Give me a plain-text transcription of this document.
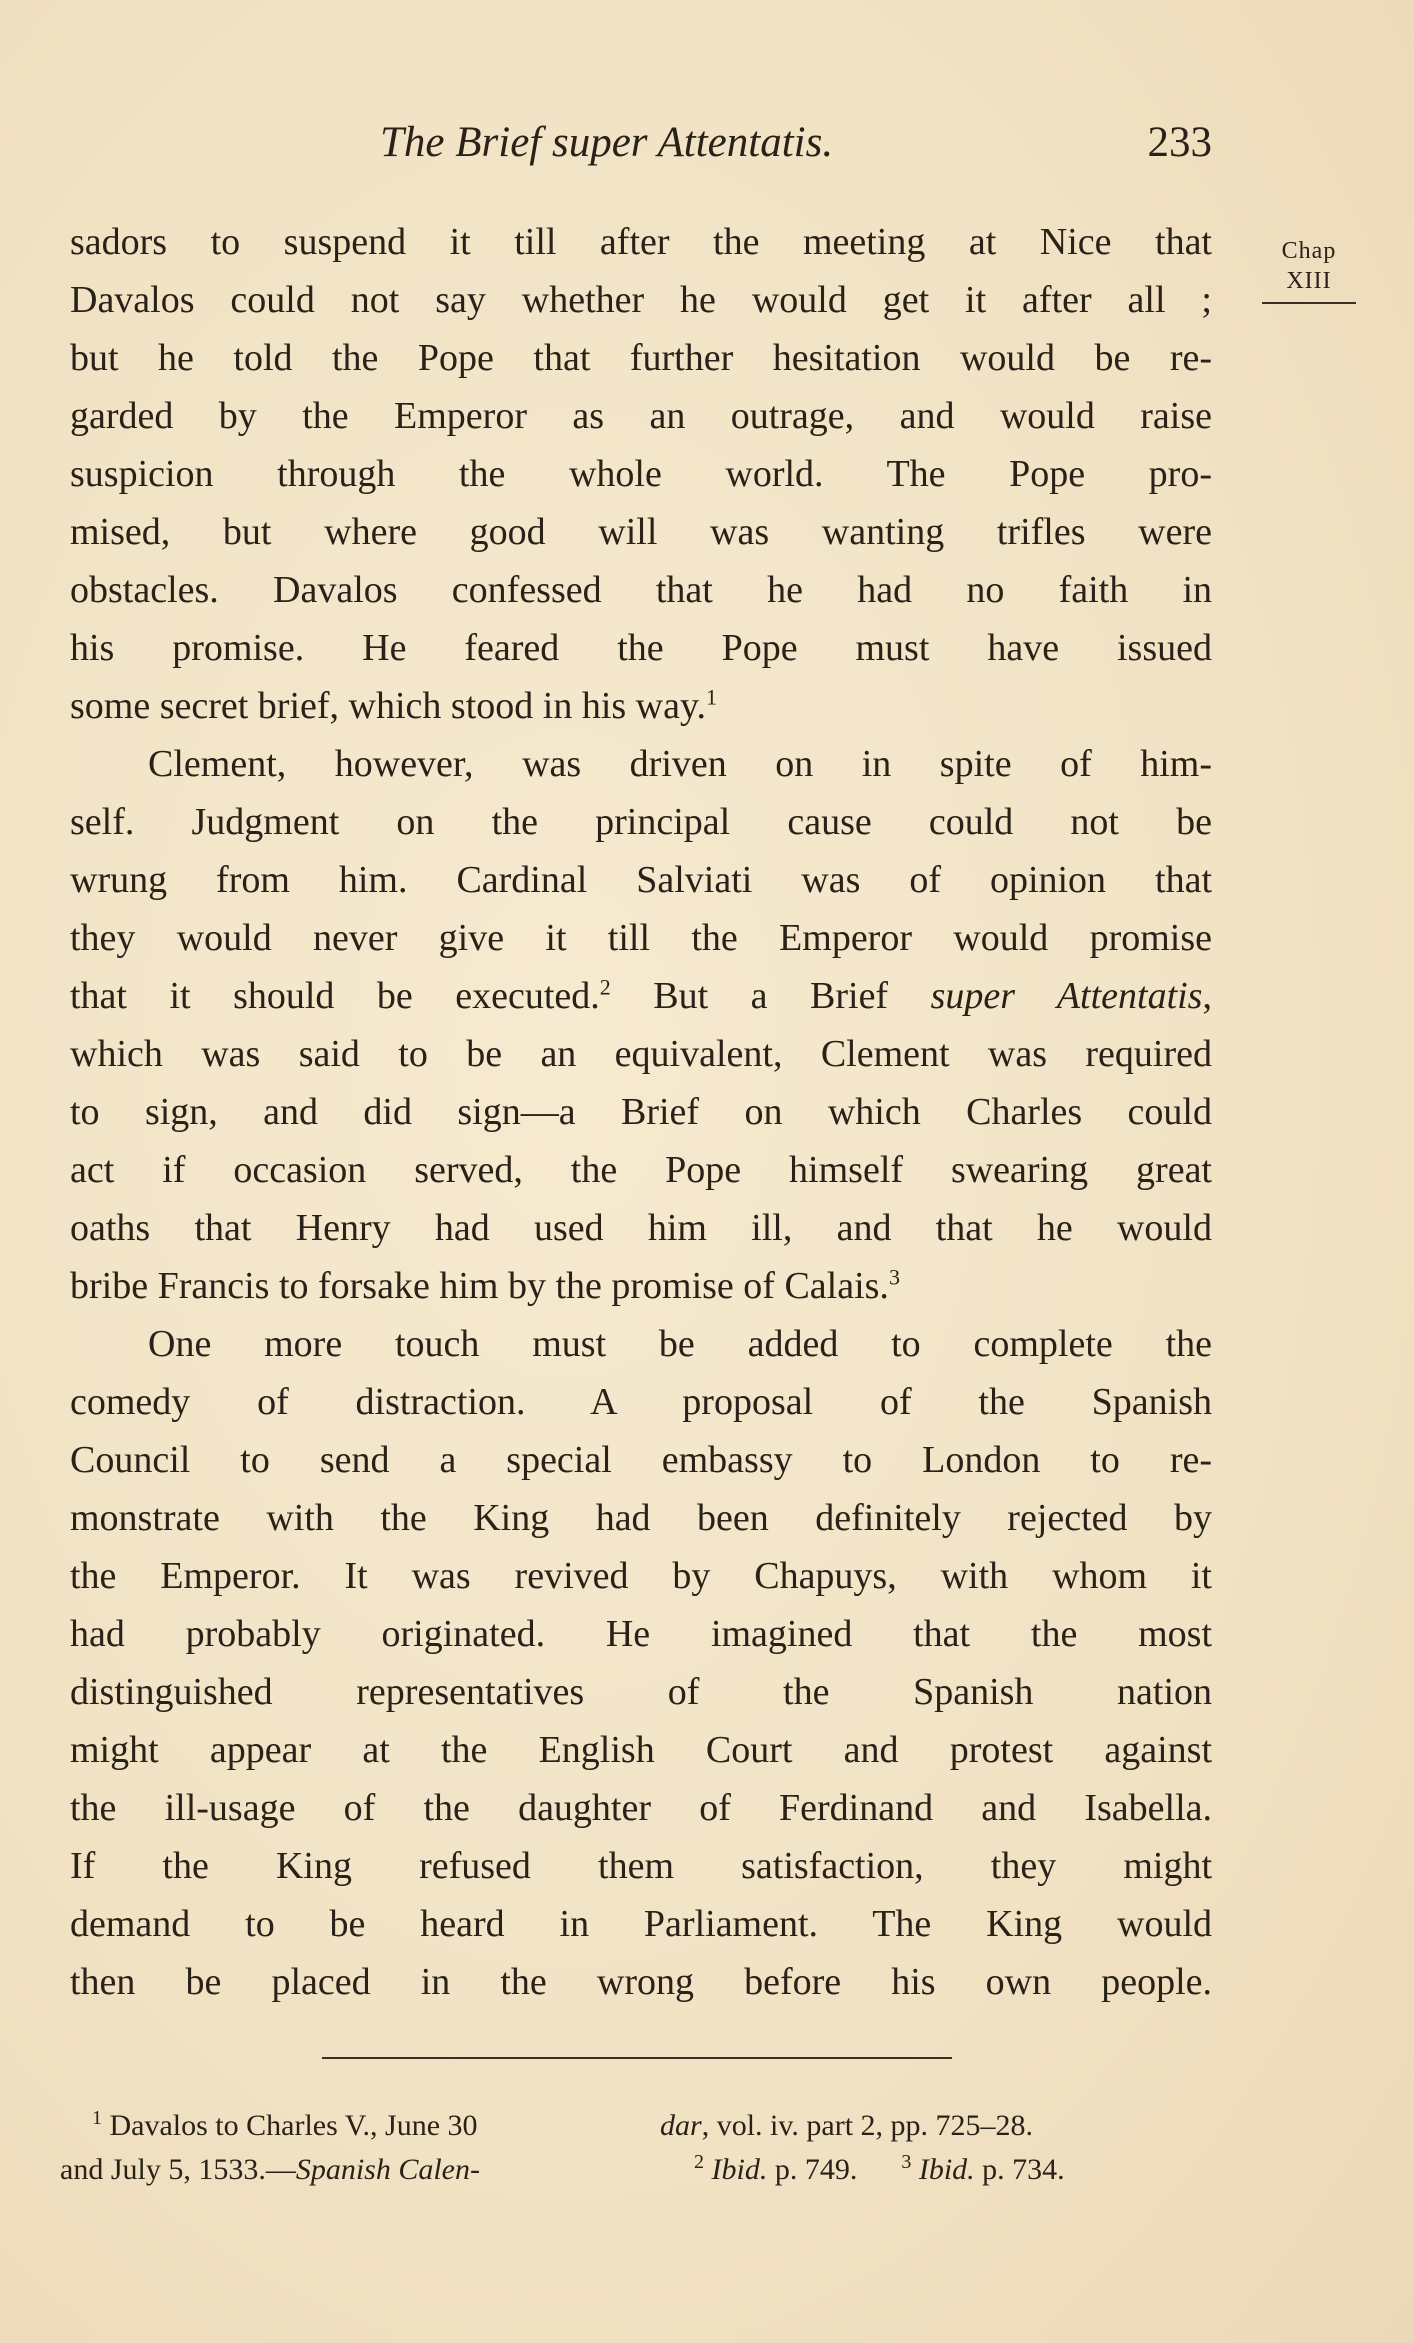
The Brief super Attentatis.	233
Chap
XIII
sadors to suspend it till after the meeting at Nice that
Davalos could not say whether he would get it after all ;
but he told the Pope that further hesitation would be re-
garded by the Emperor as an outrage, and would raise
suspicion through the whole world. The Pope pro-
mised, but where good will was wanting trifles were
obstacles. Davalos confessed that he had no faith in
his promise. He feared the Pope must have issued
some secret brief, which stood in his way.$^1$
Clement, however, was driven on in spite of him-
self. Judgment on the principal cause could not be
wrung from him. Cardinal Salviati was of opinion that
they would never give it till the Emperor would promise
that it should be executed.$^2$ But a Brief super Attentatis,
which was said to be an equivalent, Clement was required
to sign, and did sign—a Brief on which Charles could
act if occasion served, the Pope himself swearing great
oaths that Henry had used him ill, and that he would
bribe Francis to forsake him by the promise of Calais.$^3$
One more touch must be added to complete the
comedy of distraction. A proposal of the Spanish
Council to send a special embassy to London to re-
monstrate with the King had been definitely rejected by
the Emperor. It was revived by Chapuys, with whom it
had probably originated. He imagined that the most
distinguished representatives of the Spanish nation
might appear at the English Court and protest against
the ill-usage of the daughter of Ferdinand and Isabella.
If the King refused them satisfaction, they might
demand to be heard in Parliament. The King would
then be placed in the wrong before his own people.
$^1$ Davalos to Charles V., June 30
and July 5, 1533.—Spanish Calen-
dar, vol. iv. part 2, pp. 725–28.
$^2$ Ibid. p. 749. $^3$ Ibid. p. 734.
